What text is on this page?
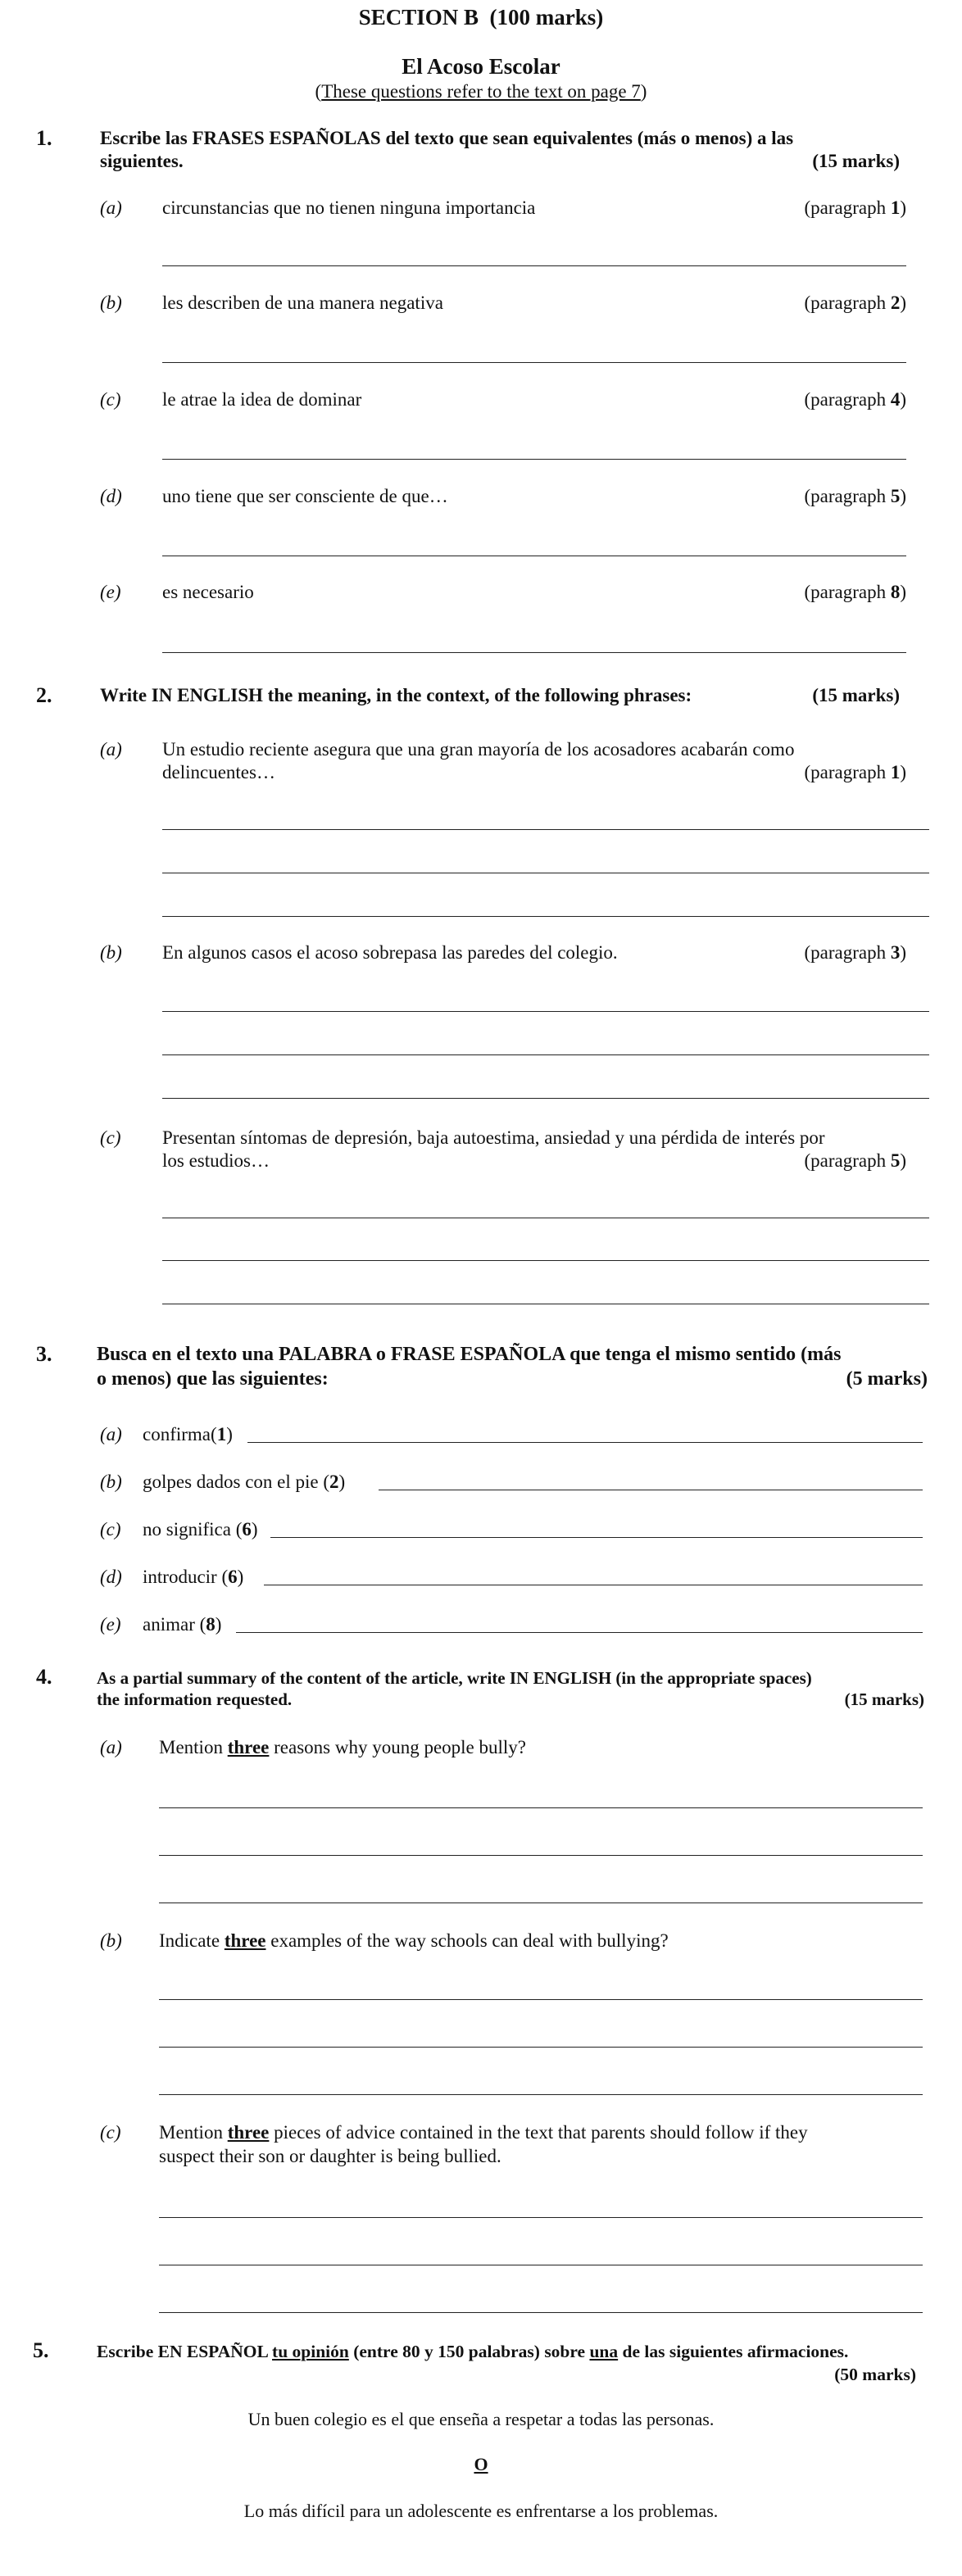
SECTION B (100 marks)
El Acoso Escolar
(These questions refer to the text on page 7)
1.	Escribe las FRASES ESPAÑOLAS del texto que sean equivalentes (más o menos) a las
siguientes.	(15 marks)
(a) circunstancias que no tienen ninguna importancia	(paragraph 1)
(b) les describen de una manera negativa	(paragraph 2)
(c) le atrae la idea de dominar	(paragraph 4)
(d) uno tiene que ser consciente de que…	(paragraph 5)
(e) es necesario	(paragraph 8)
2.	Write IN ENGLISH the meaning, in the context, of the following phrases:	(15 marks)
(a) Un estudio reciente asegura que una gran mayoría de los acosadores acabarán como
delincuentes…	(paragraph 1)
(b) En algunos casos el acoso sobrepasa las paredes del colegio.	(paragraph 3)
(c) Presentan síntomas de depresión, baja autoestima, ansiedad y una pérdida de interés por
los estudios…	(paragraph 5)
3. Busca en el texto una PALABRA o FRASE ESPAÑOLA que tenga el mismo sentido (más
o menos) que las siguientes:	(5 marks)
(a) confirma(1)
(b) golpes dados con el pie (2)
(c) no significa (6)
(d) introducir (6)
(e) animar (8)
4.	As a partial summary of the content of the article, write IN ENGLISH (in the appropriate spaces)
the information requested.	(15 marks)
(a) Mention three reasons why young people bully?
(b) Indicate three examples of the way schools can deal with bullying?
(c) Mention three pieces of advice contained in the text that parents should follow if they
suspect their son or daughter is being bullied.
5.	Escribe EN ESPAÑOL tu opinión (entre 80 y 150 palabras) sobre una de las siguientes afirmaciones.
(50 marks)
Un buen colegio es el que enseña a respetar a todas las personas.
O
Lo más difícil para un adolescente es enfrentarse a los problemas.
